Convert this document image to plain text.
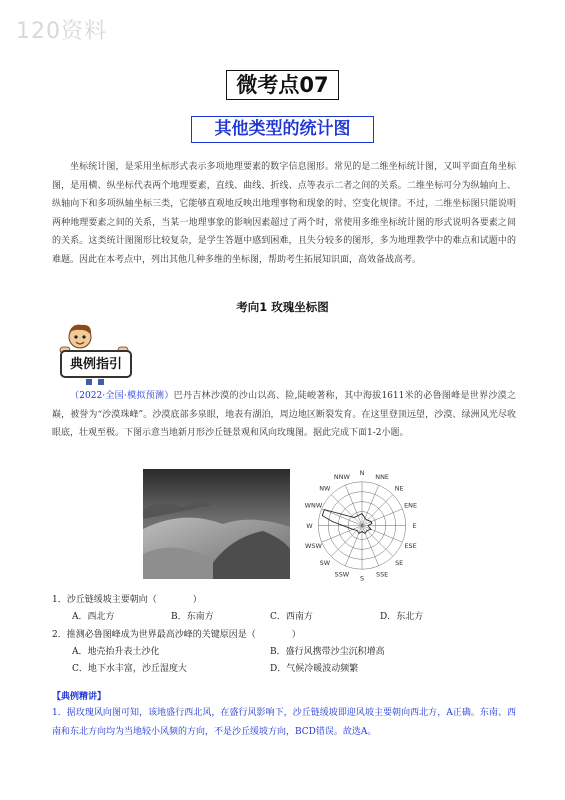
120资料
微考点07
其他类型的统计图
坐标统计图，是采用坐标形式表示多项地理要素的数字信息图形。常见的是二维坐标统计图，又叫平面直角坐标图，是用横、纵坐标代表两个地理要素，直线、曲线、折线、点等表示二者之间的关系。二维坐标可分为纵轴向上、纵轴向下和多项纵轴坐标三类，它能够直观地反映出地理事物和现象的时、空变化规律。不过，二维坐标图只能说明两种地理要素之间的关系，当某一地理事象的影响因素超过了两个时，常使用多维坐标统计图的形式说明各要素之间的关系。这类统计图图形比较复杂，是学生答题中感到困难，且失分较多的图形，多为地理教学中的难点和试题中的难题。因此在本考点中，列出其他几种多维的坐标图，帮助考生拓展知识面，高效备战高考。
考向1 玫瑰坐标图
典例指引
（2022·全国·模拟预测）巴丹吉林沙漠的沙山以高、险,陡峻著称，其中海拔1611米的必鲁图峰是世界沙漠之巅，被誉为“沙漠珠峰”。沙漠底部多泉眼，地表有湖泊，周边地区断裂发育。在这里登顶远望，沙漠、绿洲风光尽收眼底，壮观至极。下图示意当地新月形沙丘链景观和风向玫瑰图。据此完成下面1-2小题。
N NNE
NE
ENE
E
ESE
SE
SSE
S
SSW
SW
WSW
W
WNW
NW
NNW
1．沙丘链缓坡主要朝向（　　　　）
A．西北方	B．东南方	C．西南方	D．东北方
2．推测必鲁图峰成为世界最高沙峰的关键原因是（　　　　）
A．地壳抬升表土沙化	B．盛行风携带沙尘沉积增高
C．地下水丰富，沙丘湿度大	D．气候冷暖波动频繁
【典例精讲】
1．据玫瑰风向图可知，该地盛行西北风，在盛行风影响下，沙丘链缓坡即迎风坡主要朝向西北方，A正确。东南、西南和东北方向均为当地较小风频的方向，不是沙丘缓坡方向，BCD错误。故选A。
